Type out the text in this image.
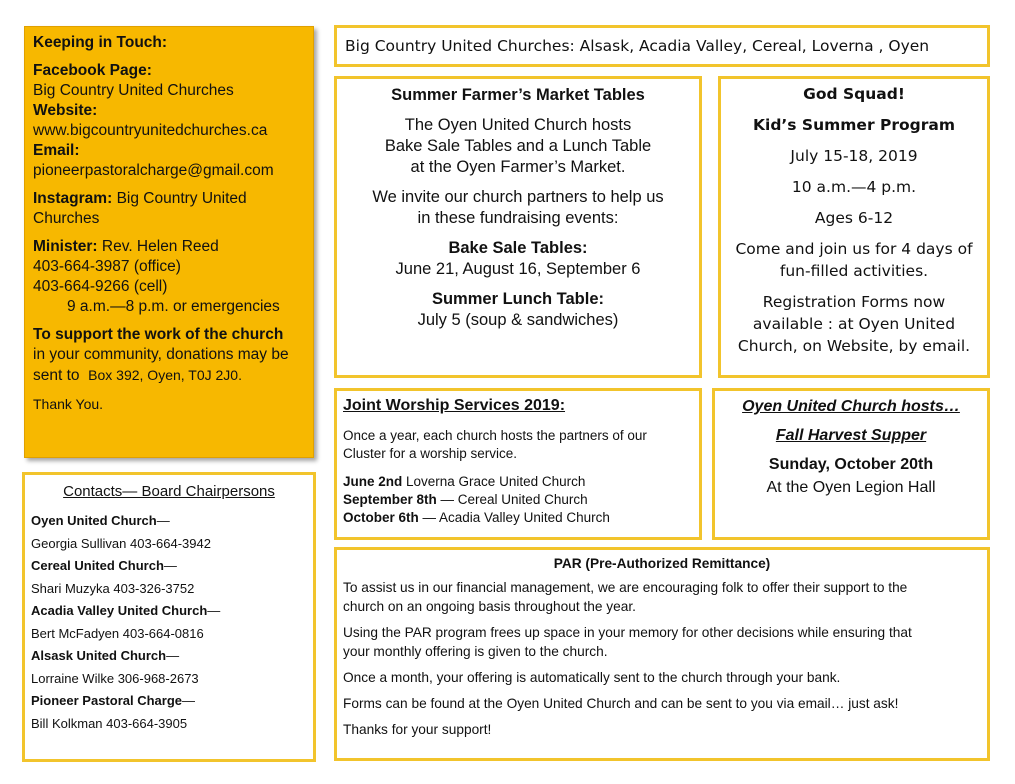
Keeping in Touch:

Facebook Page:

Big Country United Churches

Website:

www.bigcountryunitedchurches.ca

Email:

pioneerpastoralcharge@gmail.com

Instagram: Big Country United

Churches

Minister: Rev. Helen Reed

403-664-3987 (office)

403-664-9266 (cell)

9 a.m.—8 p.m. or emergencies

To support the work of the church

in your community, donations may be

sent to Box 392, Oyen, T0J 2J0.

Thank You.

Contacts— Board Chairpersons

Oyen United Church—
Georgia Sullivan 403-664-3942
Cereal United Church—
Shari Muzyka 403-326-3752
Acadia Valley United Church—
Bert McFadyen 403-664-0816
Alsask United Church—
Lorraine Wilke 306-968-2673
Pioneer Pastoral Charge—
Bill Kolkman 403-664-3905
Big Country United Churches: Alsask, Acadia Valley, Cereal, Loverna , Oyen

Summer Farmer’s Market Tables

The Oyen United Church hosts

Bake Sale Tables and a Lunch Table

at the Oyen Farmer’s Market.

We invite our church partners to help us

in these fundraising events:

Bake Sale Tables:

June 21, August 16, September 6

Summer Lunch Table:

July 5 (soup & sandwiches)

God Squad!

Kid’s Summer Program

July 15-18, 2019

10 a.m.—4 p.m.

Ages 6-12

Come and join us for 4 days of

fun-filled activities.

Registration Forms now

available : at Oyen United

Church, on Website, by email.

Joint Worship Services 2019:

Once a year, each church hosts the partners of our

Cluster for a worship service.

June 2nd Loverna Grace United Church

September 8th — Cereal United Church

October 6th — Acadia Valley United Church

Oyen United Church hosts…

Fall Harvest Supper

Sunday, October 20th

At the Oyen Legion Hall

PAR (Pre-Authorized Remittance)

To assist us in our financial management, we are encouraging folk to offer their support to the

church on an ongoing basis throughout the year.

Using the PAR program frees up space in your memory for other decisions while ensuring that

your monthly offering is given to the church.

Once a month, your offering is automatically sent to the church through your bank.

Forms can be found at the Oyen United Church and can be sent to you via email… just ask!

Thanks for your support!
